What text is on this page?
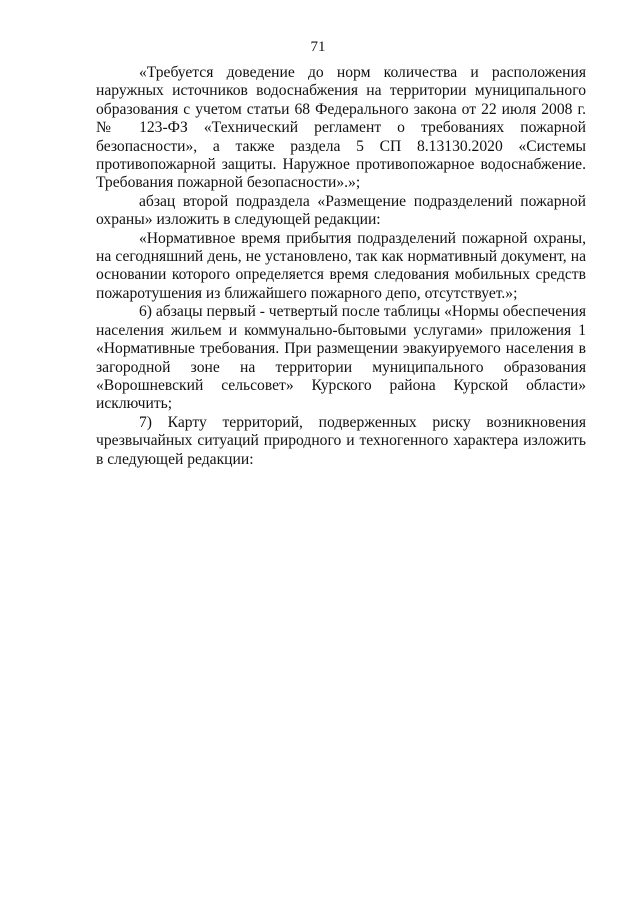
71

«Требуется доведение до норм количества и расположения наружных источников водоснабжения на территории муниципального образования с учетом статьи 68 Федерального закона от 22 июля 2008 г. № 123-ФЗ «Технический регламент о требованиях пожарной безопасности», а также раздела 5 СП 8.13130.2020 «Системы противопожарной защиты. Наружное противопожарное водоснабжение. Требования пожарной безопасности».»;

абзац второй подраздела «Размещение подразделений пожарной охраны» изложить в следующей редакции:

«Нормативное время прибытия подразделений пожарной охраны, на сегодняшний день, не установлено, так как нормативный документ, на основании которого определяется время следования мобильных средств пожаротушения из ближайшего пожарного депо, отсутствует.»;

6) абзацы первый - четвертый после таблицы «Нормы обеспечения населения жильем и коммунально-бытовыми услугами» приложения 1 «Нормативные требования. При размещении эвакуируемого населения в загородной зоне на территории муниципального образования «Ворошневский сельсовет» Курского района Курской области» исключить;

7) Карту территорий, подверженных риску возникновения чрезвычайных ситуаций природного и техногенного характера изложить в следующей редакции:
